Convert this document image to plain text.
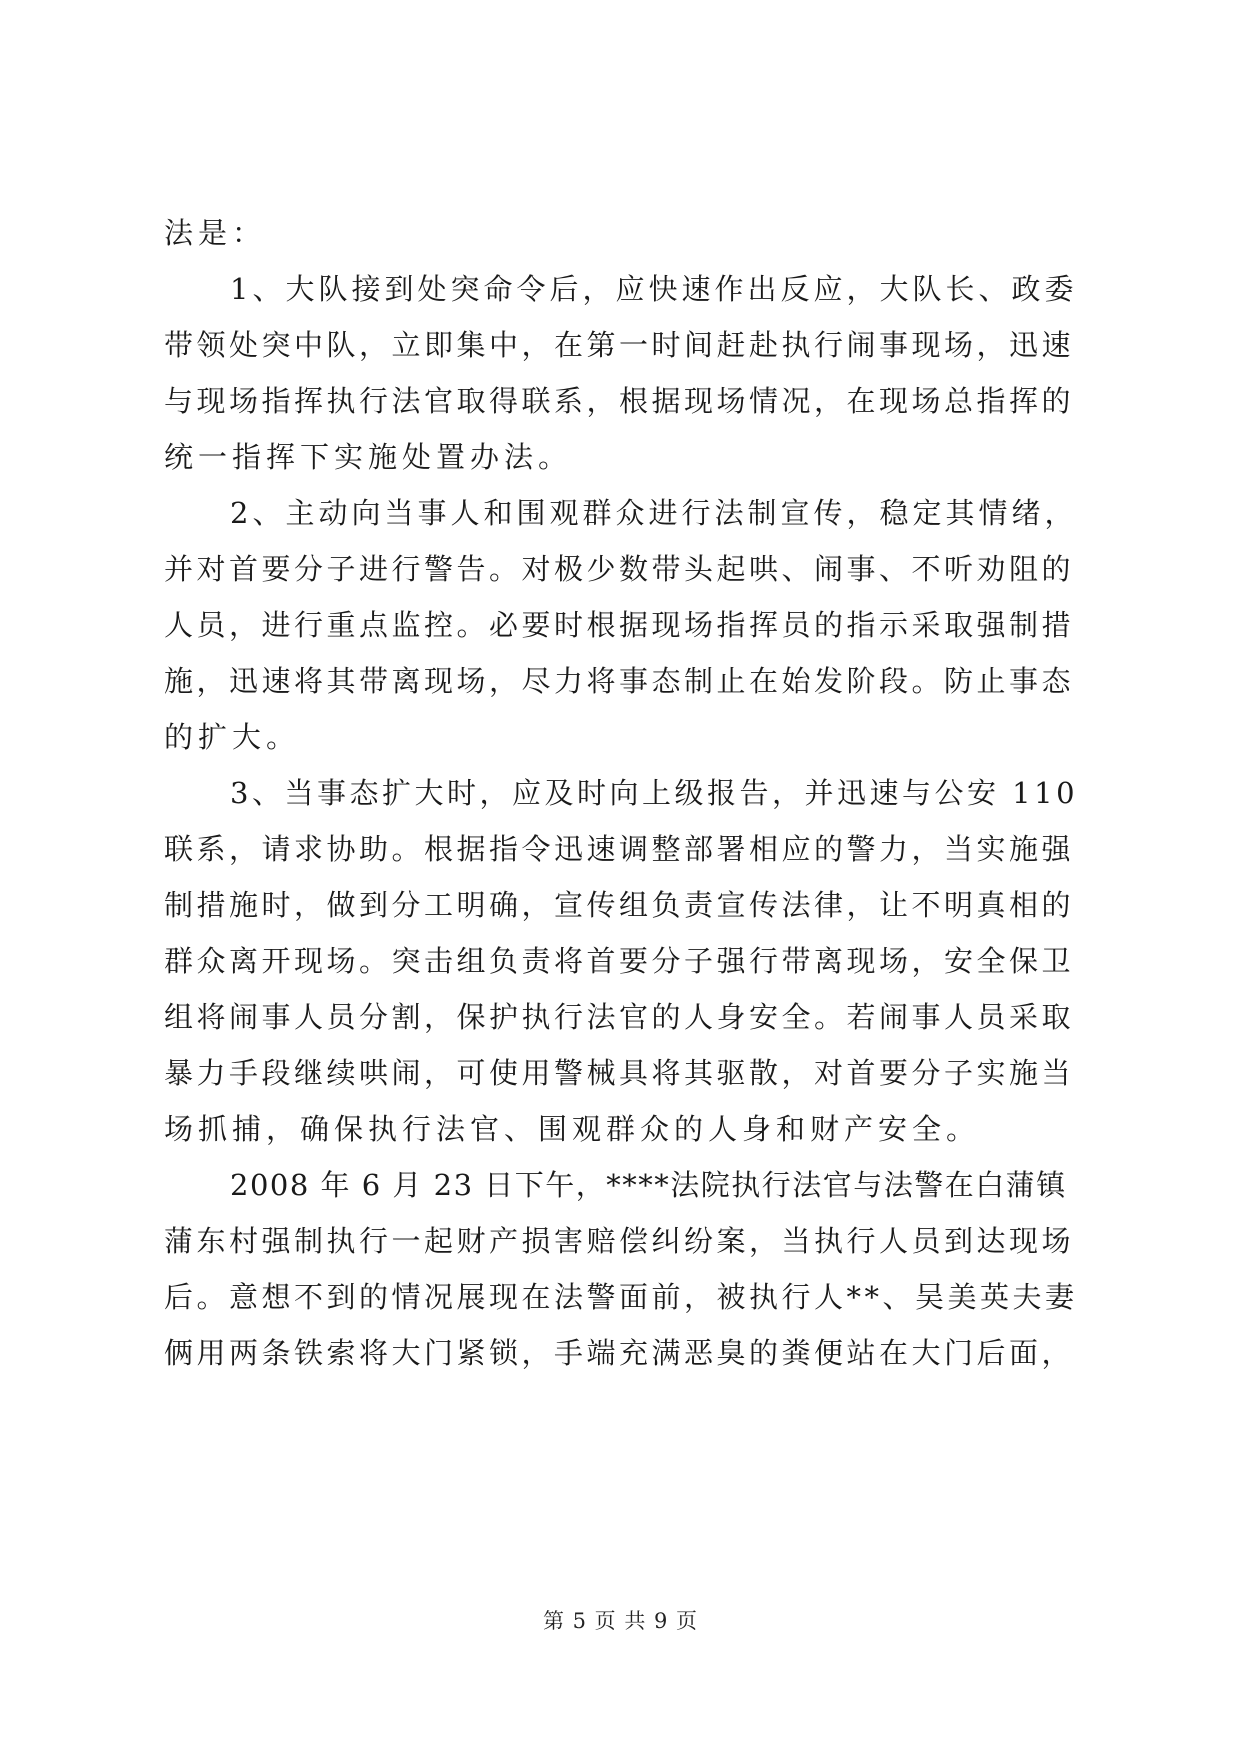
法是：
1、大队接到处突命令后，应快速作出反应，大队长、政委
带领处突中队，立即集中，在第一时间赶赴执行闹事现场，迅速
与现场指挥执行法官取得联系，根据现场情况，在现场总指挥的
统一指挥下实施处置办法。
2、主动向当事人和围观群众进行法制宣传，稳定其情绪，
并对首要分子进行警告。对极少数带头起哄、闹事、不听劝阻的
人员，进行重点监控。必要时根据现场指挥员的指示采取强制措
施，迅速将其带离现场，尽力将事态制止在始发阶段。防止事态
的扩大。
3、当事态扩大时，应及时向上级报告，并迅速与公安 110
联系，请求协助。根据指令迅速调整部署相应的警力，当实施强
制措施时，做到分工明确，宣传组负责宣传法律，让不明真相的
群众离开现场。突击组负责将首要分子强行带离现场，安全保卫
组将闹事人员分割，保护执行法官的人身安全。若闹事人员采取
暴力手段继续哄闹，可使用警械具将其驱散，对首要分子实施当
场抓捕，确保执行法官、围观群众的人身和财产安全。
2008 年 6 月 23 日下午，****法院执行法官与法警在白蒲镇
蒲东村强制执行一起财产损害赔偿纠纷案，当执行人员到达现场
后。意想不到的情况展现在法警面前，被执行人**、吴美英夫妻
俩用两条铁索将大门紧锁，手端充满恶臭的粪便站在大门后面，
第 5 页 共 9 页
